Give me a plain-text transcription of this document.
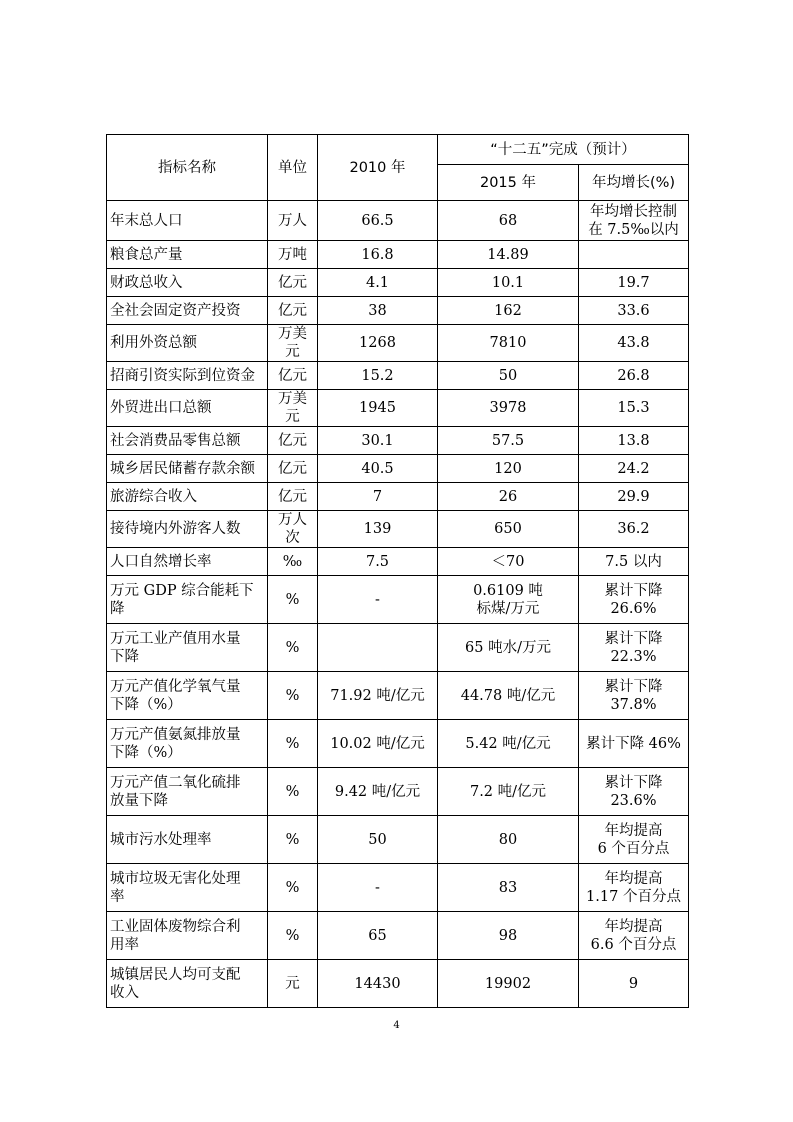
指标名称	单位	2010 年	“十二五”完成（预计）	
			2015 年	年均增长(%)
年末总人口	万人	66.5	68	年均增长控制
在 7.5‰以内
粮食总产量	万吨	16.8	14.89	
财政总收入	亿元	4.1	10.1	19.7
全社会固定资产投资	亿元	38	162	33.6
利用外资总额	万美元	1268	7810	43.8
招商引资实际到位资金	亿元	15.2	50	26.8
外贸进出口总额	万美元	1945	3978	15.3
社会消费品零售总额	亿元	30.1	57.5	13.8
城乡居民储蓄存款余额	亿元	40.5	120	24.2
旅游综合收入	亿元	7	26	29.9
接待境内外游客人数	万人次	139	650	36.2
人口自然增长率	‰	7.5	＜70	7.5 以内
万元 GDP 综合能耗下
降	%	-	0.6109 吨
标煤/万元	累计下降 26.6%
万元工业产值用水量
下降	%		65 吨水/万元	累计下降 22.3%
万元产值化学氧气量
下降（%）	%	71.92 吨/亿元	44.78 吨/亿元	累计下降 37.8%
万元产值氨氮排放量
下降（%）	%	10.02 吨/亿元	5.42 吨/亿元	累计下降 46%
万元产值二氧化硫排
放量下降	%	9.42 吨/亿元	7.2 吨/亿元	累计下降 23.6%
城市污水处理率	%	50	80	年均提高
6 个百分点
城市垃圾无害化处理
率	%	-	83	年均提高
1.17 个百分点
工业固体废物综合利
用率	%	65	98	年均提高
6.6 个百分点
城镇居民人均可支配
收入	元	14430	19902	9
4
